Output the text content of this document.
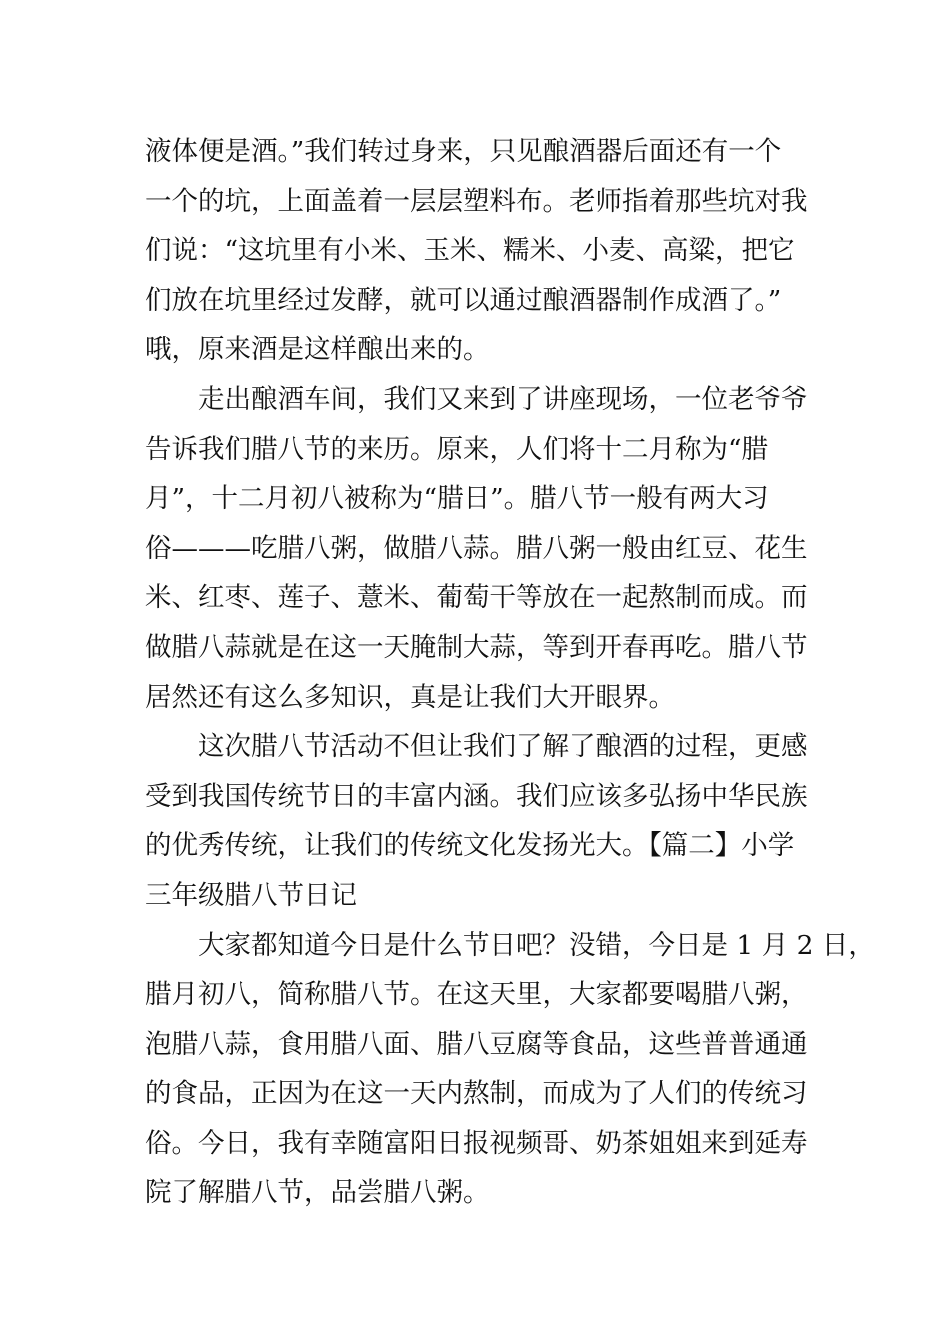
液体便是酒。”我们转过身来，只见酿酒器后面还有一个
一个的坑，上面盖着一层层塑料布。老师指着那些坑对我
们说：“这坑里有小米、玉米、糯米、小麦、高粱，把它
们放在坑里经过发酵，就可以通过酿酒器制作成酒了。”
哦，原来酒是这样酿出来的。
走出酿酒车间，我们又来到了讲座现场，一位老爷爷
告诉我们腊八节的来历。原来，人们将十二月称为“腊
月”，十二月初八被称为“腊日”。腊八节一般有两大习
俗———吃腊八粥，做腊八蒜。腊八粥一般由红豆、花生
米、红枣、莲子、薏米、葡萄干等放在一起熬制而成。而
做腊八蒜就是在这一天腌制大蒜，等到开春再吃。腊八节
居然还有这么多知识，真是让我们大开眼界。
这次腊八节活动不但让我们了解了酿酒的过程，更感
受到我国传统节日的丰富内涵。我们应该多弘扬中华民族
的优秀传统，让我们的传统文化发扬光大。【篇二】小学
三年级腊八节日记
大家都知道今日是什么节日吧？没错，今日是 1 月 2 日，
腊月初八，简称腊八节。在这天里，大家都要喝腊八粥，
泡腊八蒜，食用腊八面、腊八豆腐等食品，这些普普通通
的食品，正因为在这一天内熬制，而成为了人们的传统习
俗。今日，我有幸随富阳日报视频哥、奶茶姐姐来到延寿
院了解腊八节，品尝腊八粥。
